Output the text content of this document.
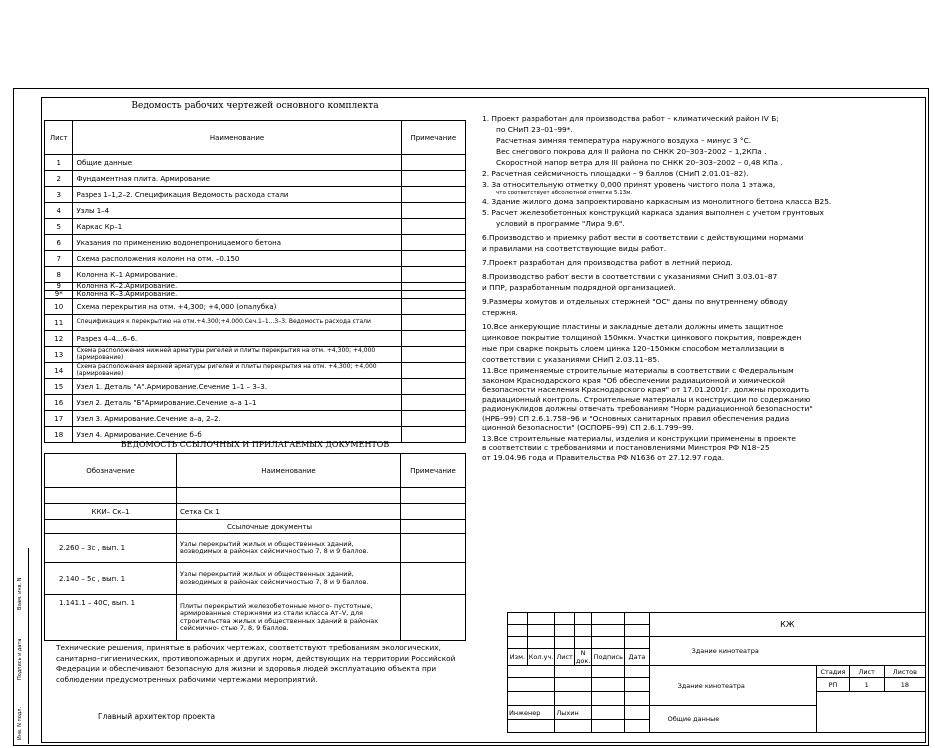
Инв. N подл.
Подпись и дата
Взам. инв. N
Ведомость рабочих чертежей основного комплекта
Лист	Наименование	Примечание
1	Общие данные	
2	Фундаментная плита. Армирование	
3	Разрез 1–1,2–2. Спецификация Ведомость расхода стали	
4	Узлы 1–4	
5	Каркас Кр–1	
6	Указания по применению водонепроницаемого бетона	
7	Схема расположения колонн на отм. –0.150	
8	Колонна К–1 Армирование.	
9	Колонна К–2.Армирование.	
9*	Колонна К–3.Армирование.	
10	Схема перекрытия на отм. +4,300; +4,000 (опалубка)	
11	Спецификация к перекрытию на отм.+4.300;+4.000.Сеч.1–1...3–3. Ведомость расхода стали	
12	Разрез 4–4...6–6.	
13	Схема расположения нижней арматуры ригелей и плиты перекрытия на отм. +4,300; +4,000 (армирование)	
14	Схема расположения верхней арматуры ригелей и плиты перекрытия на отм. +4,300; +4,000 (армирование)	
15	Узел 1. Деталь "А".Армирование.Сечение 1–1 – 3–3.	
16	Узел 2. Деталь "Б"Армирование.Сечение а–а 1–1	
17	Узел 3. Армирование.Сечение а–а, 2–2.	
18	Узел 4. Армирование.Сечение б–б	
ВЕДОМОСТЬ ССЫЛОЧНЫХ И ПРИЛАГАЕМЫХ ДОКУМЕНТОВ
Обозначение	Наименование	Примечание

ККИ– Ск–1	Сетка Ск 1	
	Ссылочные документы	
2.260 – 3с , вып. 1	Узлы перекрытий жилых и общественных зданий, возводимых в районах сейсмичностью 7, 8 и 9 баллов.	
2.140 – 5с , вып. 1	Узлы перекрытий жилых и общественных зданий, возводимых в районах сейсмичностью 7, 8 и 9 баллов.	
1.141.1 – 40С, вып. 1	Плиты перекрытий железобетонные много- пустотные, армированные стержнями из стали класса Ат–V, для строительства жилых и общественных зданий в районах сейсмично- стью 7, 8, 9 баллов.	
Технические решения, принятые в рабочих чертежах, соответствуют требованиям экологических, санитарно–гигиенических, противопожарных и других норм, действующих на территории Российской Федерации и обеспечивают безопасную для жизни и здоровья людей эксплуатацию объекта при соблюдении предусмотренных рабочими чертежами мероприятий.
Главный архитектор проекта

1. Проект разработан для производства работ – климатический район IV Б;

по СНиП 23–01–99*.

Расчетная зимняя температура наружного воздуха – минус 3 °С.

Вес снегового покрова для II района по СНКК 20–303–2002 – 1,2КПа .

Скоростной напор ветра для III района по СНКК 20–303–2002 – 0,48 КПа .

2. Расчетная сейсмичность площадки – 9 баллов (СНиП 2.01.01–82).

3. За относительную отметку 0,000 принят уровень чистого пола 1 этажа,

что соответствует абсолютной отметке 5.13м.

4. Здание жилого дома запроектировано каркасным из монолитного бетона класса В25.

5. Расчет железобетонных конструкций каркаса здания выполнен с учетом грунтовых

условий в программе "Лира 9.6".

6.Производство и приемку работ вести в соответствии с действующими нормами

и правилами на соответствующие виды работ.

7.Проект разработан для производства работ в летний период.

8.Производство работ вести в соответствии с указаниями СНиП 3.03.01–87

и ППР, разработанным подрядной организацией.

9.Размеры хомутов и отдельных стержней "ОС" даны по внутреннему обводу

стержня.

10.Все анкерующие пластины и закладные детали должны иметь защитное

цинковое покрытие толщиной 150мкм. Участки цинкового покрытия, поврежден

ные при сварке покрыть слоем цинка 120–150мкм способом металлизации в

соответствии с указаниями СНиП 2.03.11–85.

11.Все применяемые строительные материалы в соответствии с Федеральным

законом Краснодарского края "Об обеспечении радиационной и химической

безопасности населения Краснодарского края" от 17.01.2001г. должны проходить

радиационный контроль. Строительные материалы и конструкции по содержанию

радионуклидов должны отвечать требованиям "Норм радиационной безопасности"

(НРБ–99) СП 2.6.1.758–96 и "Основных санитарных правил обеспечения радиа

ционной безопасности" (ОСПОРБ–99) СП 2.6.1.799–99.

13.Все строительные материалы, изделия и конструкции применены в проекте

в соответствии с требованиями и постановлениями Минстроя РФ N18–25

от 19.04.96 года и Правительства РФ N1636 от 27.12.97 года.

						КЖ			

						Здание кинотеатра			
Изм.	Кол.уч.	Лист	N док.	Подпись	Дата				
						Здание кинотеатра	Стадия	Лист	Листов
							РП	1	18

Инженер		Лыхин				Общие данные			
